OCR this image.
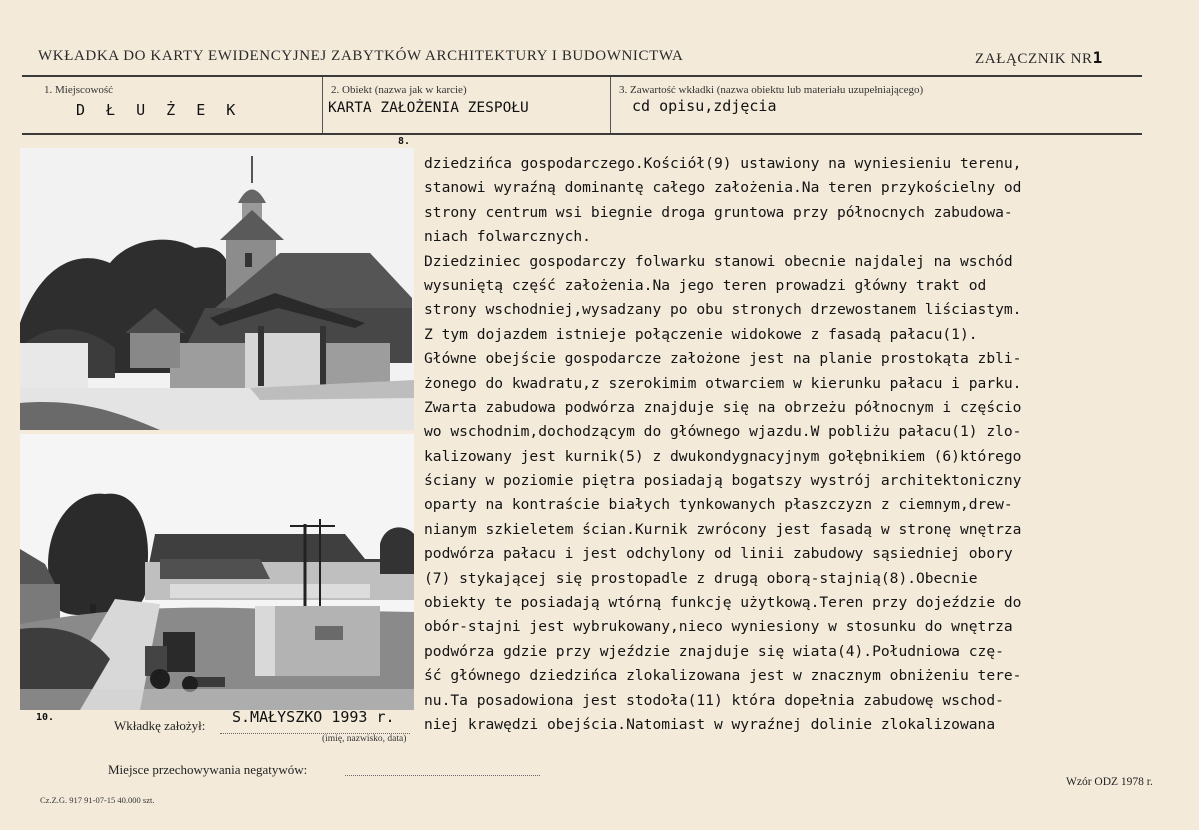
WKŁADKA DO KARTY EWIDENCYJNEJ ZABYTKÓW ARCHITEKTURY I BUDOWNICTWA	ZAŁĄCZNIK NR1
1. Miejscowość
D Ł U Ż E K
2. Obiekt (nazwa jak w karcie)
KARTA ZAŁOŻENIA ZESPOŁU
3. Zawartość wkładki (nazwa obiektu lub materiału uzupełniającego)
cd opisu,zdjęcia
8.
10.
dziedzińca gospodarczego.Kościół(9) ustawiony na wyniesieniu terenu,
stanowi wyraźną dominantę całego założenia.Na teren przykościelny od
strony centrum wsi biegnie droga gruntowa przy północnych zabudowa-
niach folwarcznych.
Dziedziniec gospodarczy folwarku stanowi obecnie najdalej na wschód
wysuniętą część założenia.Na jego teren prowadzi główny trakt od
strony wschodniej,wysadzany po obu stronych drzewostanem liściastym.
Z tym dojazdem istnieje połączenie widokowe z fasadą pałacu(1).
Główne obejście gospodarcze założone jest na planie prostokąta zbli-
żonego do kwadratu,z szerokimim otwarciem w kierunku pałacu i parku.
Zwarta zabudowa podwórza znajduje się na obrzeżu północnym i częścio
wo wschodnim,dochodzącym do głównego wjazdu.W pobliżu pałacu(1) zlo-
kalizowany jest kurnik(5) z dwukondygnacyjnym gołębnikiem (6)którego
ściany w poziomie piętra posiadają bogatszy wystrój architektoniczny
oparty na kontraście białych tynkowanych płaszczyzn z ciemnym,drew-
nianym szkieletem ścian.Kurnik zwrócony jest fasadą w stronę wnętrza
podwórza pałacu i jest odchylony od linii zabudowy sąsiedniej obory
(7) stykającej się prostopadle z drugą oborą-stajnią(8).Obecnie
obiekty te posiadają wtórną funkcję użytkową.Teren przy dojeździe do
obór-stajni jest wybrukowany,nieco wyniesiony w stosunku do wnętrza
podwórza gdzie przy wjeździe znajduje się wiata(4).Południowa czę-
ść głównego dziedzińca zlokalizowana jest w znacznym obniżeniu tere-
nu.Ta posadowiona jest stodoła(11) która dopełnia zabudowę wschod-
niej krawędzi obejścia.Natomiast w wyraźnej dolinie zlokalizowana
Wkładkę założył: S.MAŁYSZKO 1993 r.
(imię, nazwisko, data)
Miejsce przechowywania negatywów:
Wzór ODZ 1978 r.
Cz.Z.G. 917 91-07-15 40.000 szt.
